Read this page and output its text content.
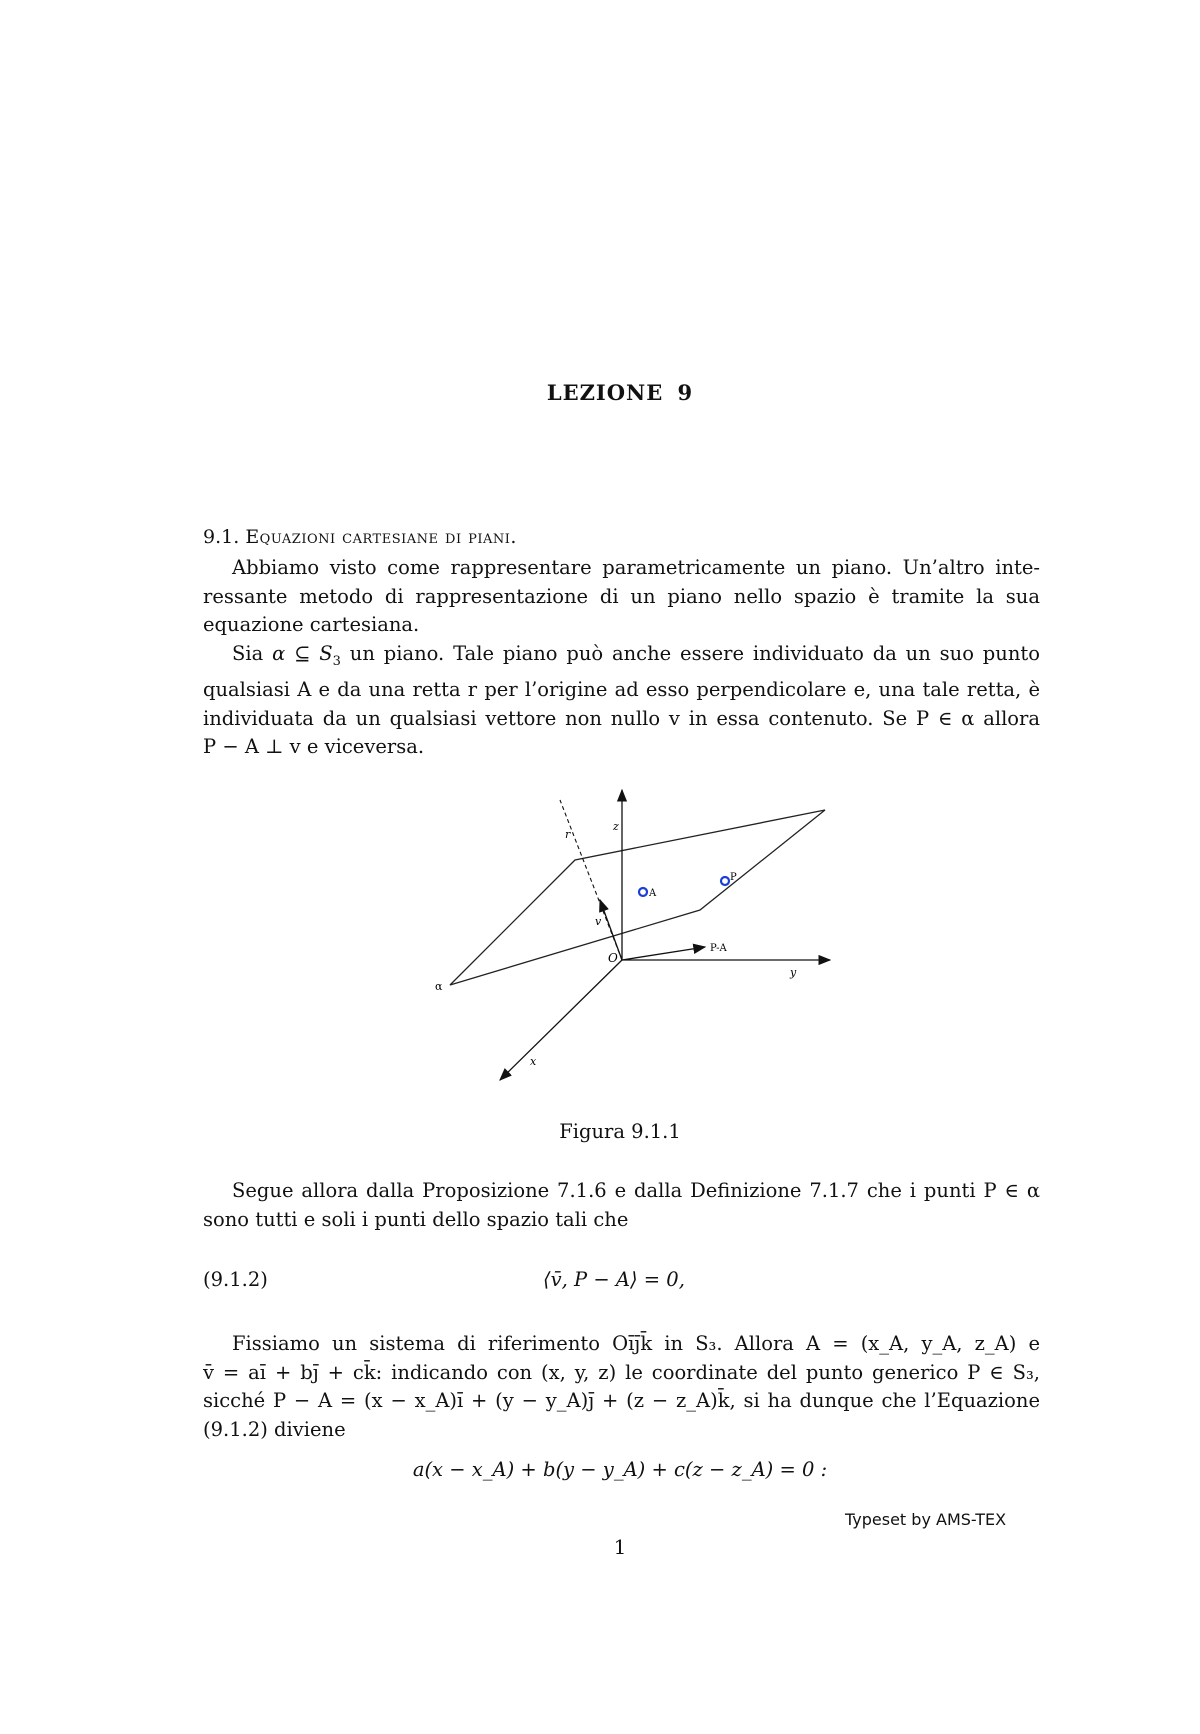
LEZIONE 9
9.1. Equazioni cartesiane di piani.
Abbiamo visto come rappresentare parametricamente un piano. Un’altro inte-
ressante metodo di rappresentazione di un piano nello spazio è tramite la sua
equazione cartesiana.
Sia α ⊆ $S_3$ un piano. Tale piano può anche essere individuato da un suo punto
qualsiasi A e da una retta r per l’origine ad esso perpendicolare e, una tale retta, è
individuata da un qualsiasi vettore non nullo v in essa contenuto. Se P ∈ α allora
P − A ⊥ v e viceversa.
z
y
x
O
α
r
v
A
P
P-A
Figura 9.1.1
Segue allora dalla Proposizione 7.1.6 e dalla Definizione 7.1.7 che i punti P ∈ α
sono tutti e soli i punti dello spazio tali che
(9.1.2)	⟨v̄, P − A⟩ = 0,
Fissiamo un sistema di riferimento Oı̄ȷ̄k̄ in S₃. Allora A = (x_A, y_A, z_A) e
v̄ = aı̄ + bȷ̄ + ck̄: indicando con (x, y, z) le coordinate del punto generico P ∈ S₃,
sicché P − A = (x − x_A)ı̄ + (y − y_A)ȷ̄ + (z − z_A)k̄, si ha dunque che l’Equazione
(9.1.2) diviene
a(x − x_A) + b(y − y_A) + c(z − z_A) = 0 :
Typeset by AMS-TEX
1
